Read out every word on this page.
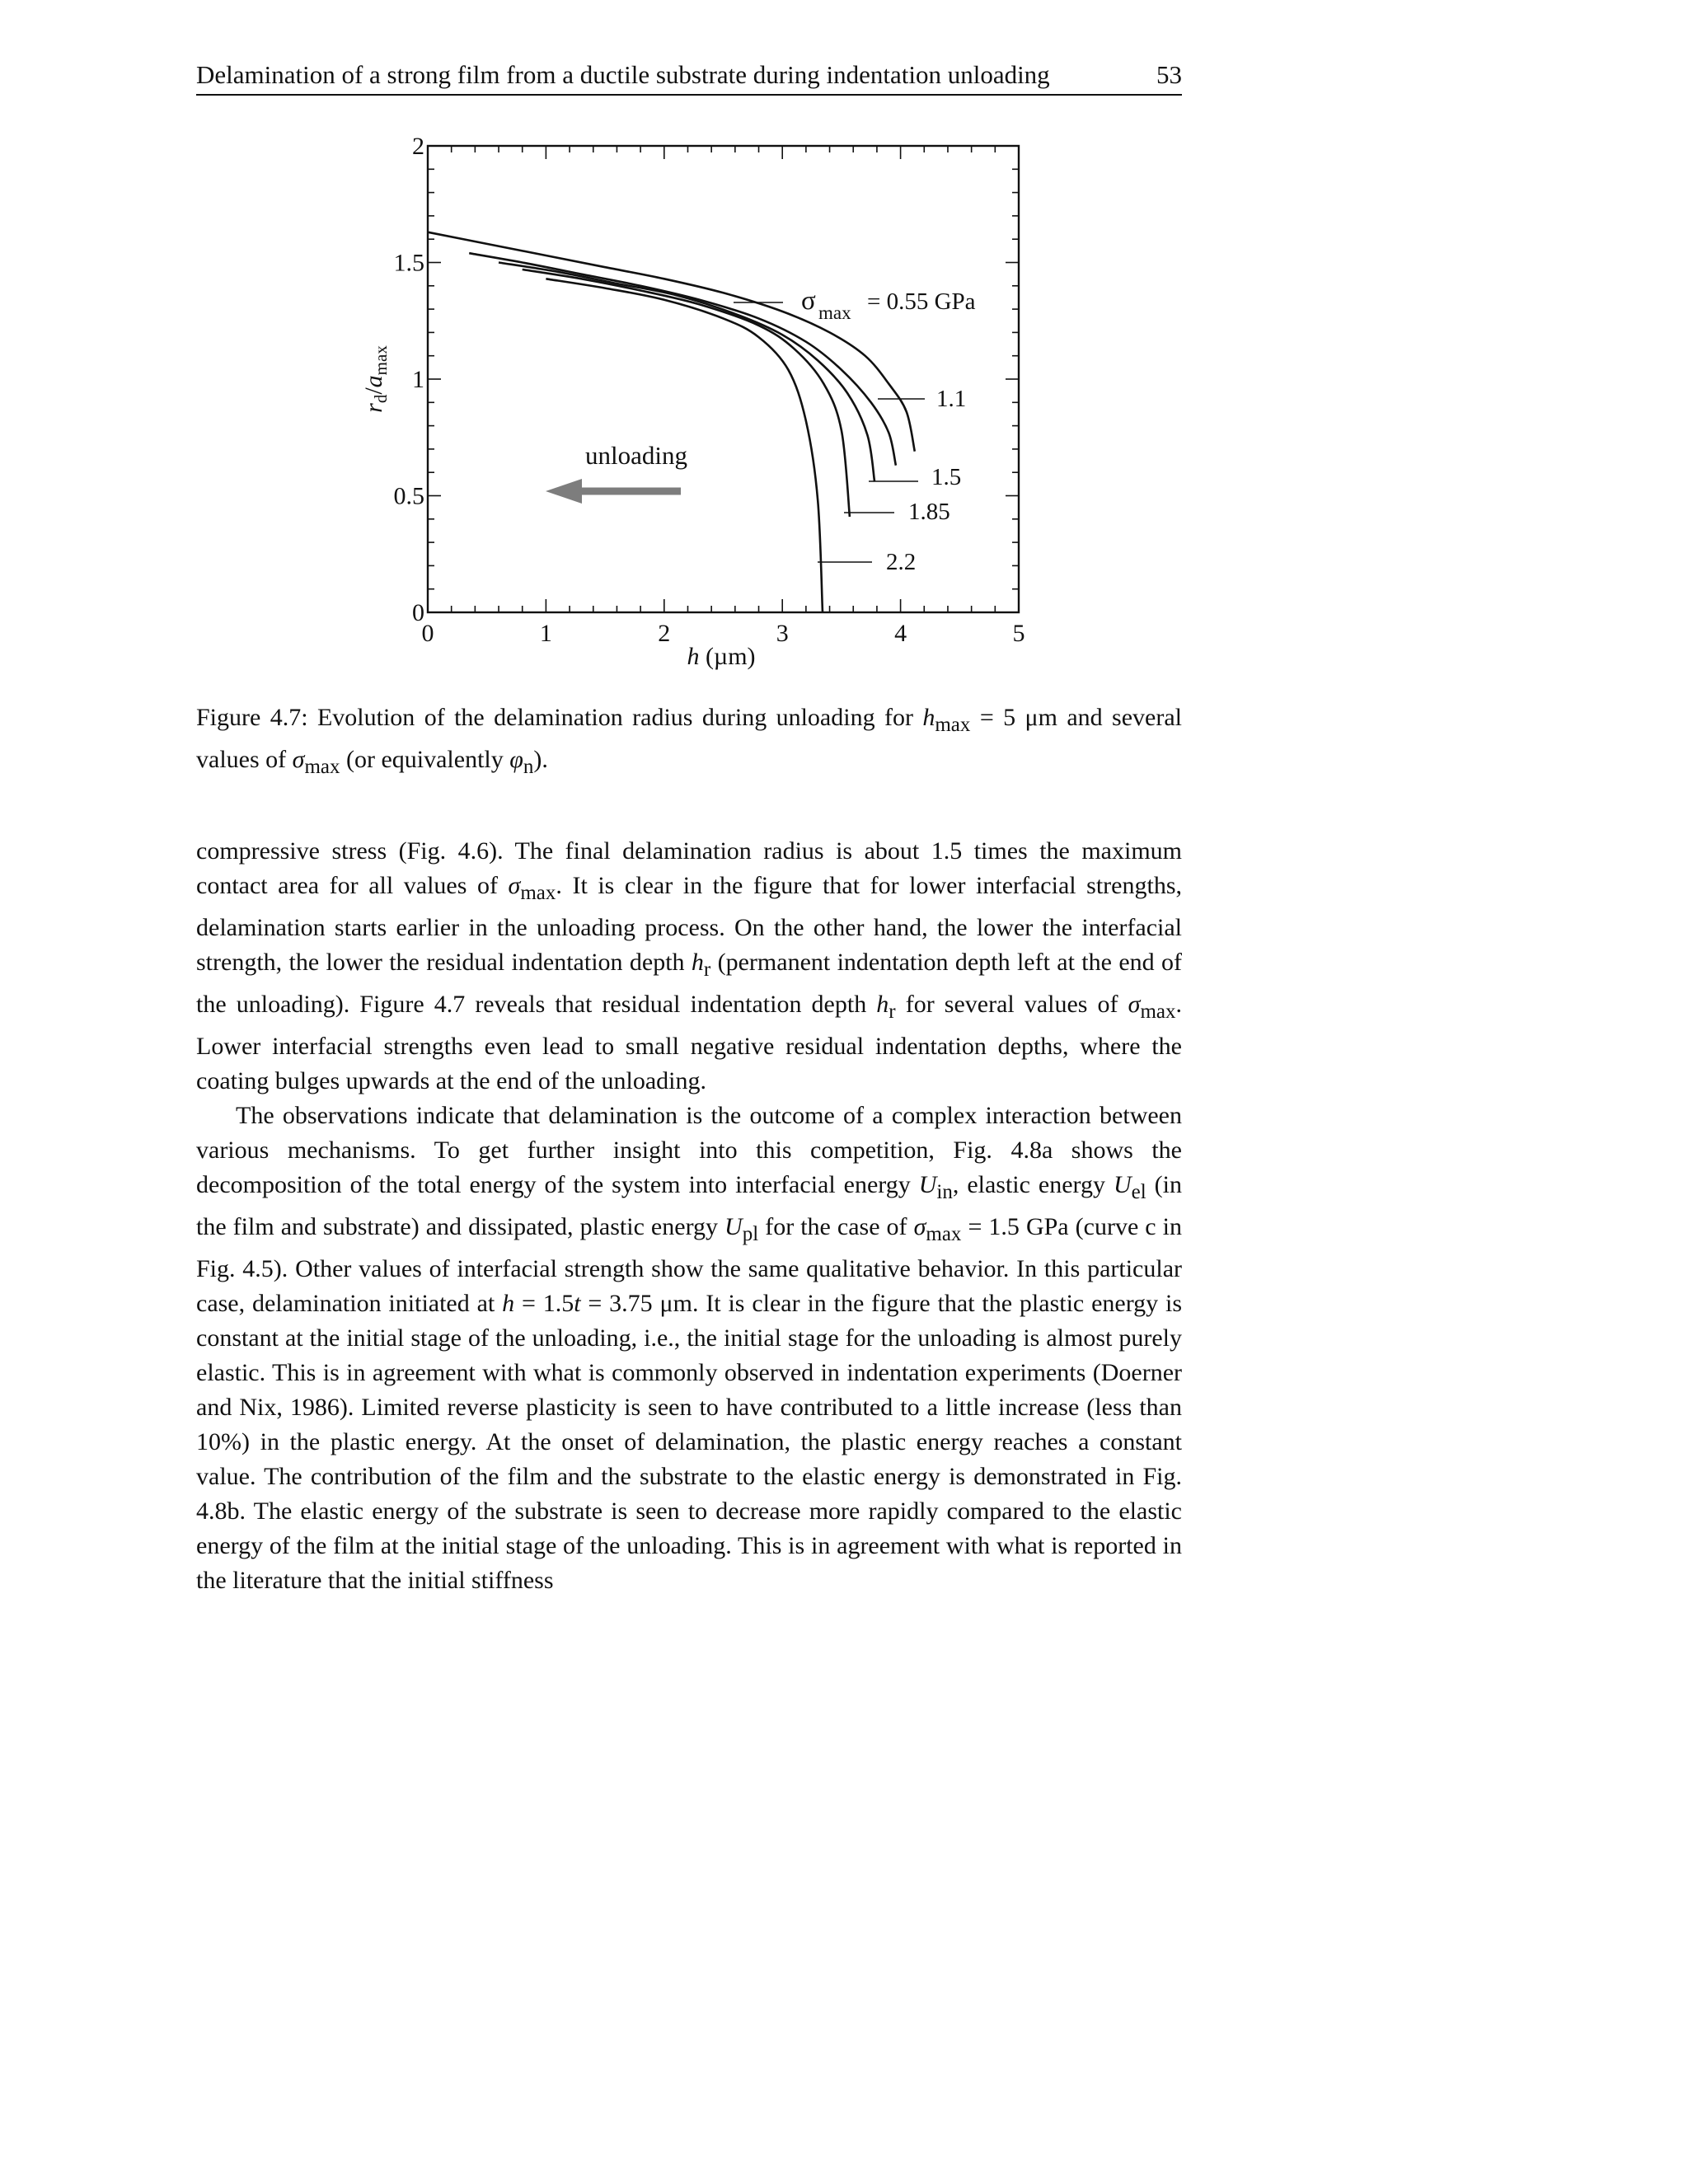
Delamination of a strong film from a ductile substrate during indentation unloading	53
0	1	2	3	4	5
0
0.5
1
1.5
2
σ max = 0.55 GPa
1.1
1.5
1.85
2.2
unloading
$r_d/a_{max}$
h (µm)
Figure 4.7: Evolution of the delamination radius during unloading for $h_{max} = 5$ μm and several values of $\sigma_{max}$ (or equivalently $\varphi_n$).

compressive stress (Fig. 4.6). The final delamination radius is about 1.5 times the maximum contact area for all values of $\sigma_{max}$. It is clear in the figure that for lower interfacial strengths, delamination starts earlier in the unloading process. On the other hand, the lower the interfacial strength, the lower the residual indentation depth $h_r$ (permanent indentation depth left at the end of the unloading). Figure 4.7 reveals that residual indentation depth $h_r$ for several values of $\sigma_{max}$. Lower interfacial strengths even lead to small negative residual indentation depths, where the coating bulges upwards at the end of the unloading.

The observations indicate that delamination is the outcome of a complex interaction between various mechanisms. To get further insight into this competition, Fig. 4.8a shows the decomposition of the total energy of the system into interfacial energy $U_{in}$, elastic energy $U_{el}$ (in the film and substrate) and dissipated, plastic energy $U_{pl}$ for the case of $\sigma_{max} = 1.5$ GPa (curve c in Fig. 4.5). Other values of interfacial strength show the same qualitative behavior. In this particular case, delamination initiated at h = 1.5t = 3.75 μm. It is clear in the figure that the plastic energy is constant at the initial stage of the unloading, i.e., the initial stage for the unloading is almost purely elastic. This is in agreement with what is commonly observed in indentation experiments (Doerner and Nix, 1986). Limited reverse plasticity is seen to have contributed to a little increase (less than 10%) in the plastic energy. At the onset of delamination, the plastic energy reaches a constant value. The contribution of the film and the substrate to the elastic energy is demonstrated in Fig. 4.8b. The elastic energy of the substrate is seen to decrease more rapidly compared to the elastic energy of the film at the initial stage of the unloading. This is in agreement with what is reported in the literature that the initial stiffness
